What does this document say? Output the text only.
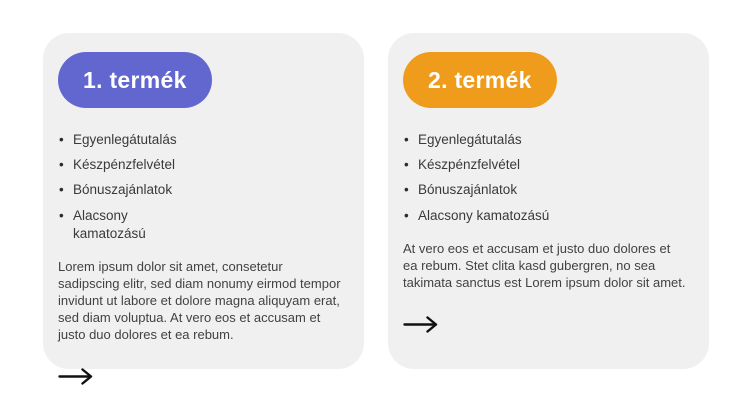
1. termék
• Egyenlegátutalás
• Készpénzfelvétel
• Bónuszajánlatok
• Alacsony kamatozású

Lorem ipsum dolor sit amet, consetetur sadipscing elitr, sed diam nonumy eirmod tempor invidunt ut labore et dolore magna aliquyam erat, sed diam voluptua. At vero eos et accusam et justo duo dolores et ea rebum.

2. termék
• Egyenlegátutalás
• Készpénzfelvétel
• Bónuszajánlatok
• Alacsony kamatozású

At vero eos et accusam et justo duo dolores et ea rebum. Stet clita kasd gubergren, no sea takimata sanctus est Lorem ipsum dolor sit amet.
